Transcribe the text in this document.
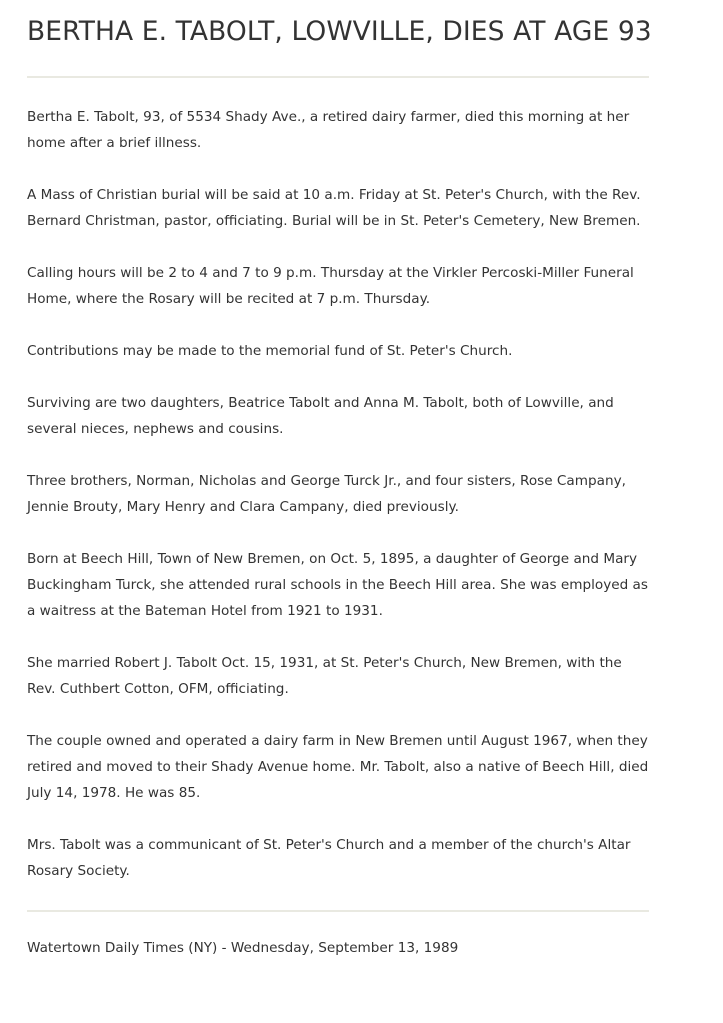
BERTHA E. TABOLT, LOWVILLE, DIES AT AGE 93

Bertha E. Tabolt, 93, of 5534 Shady Ave., a retired dairy farmer, died this morning at her home after a brief illness.

A Mass of Christian burial will be said at 10 a.m. Friday at St. Peter's Church, with the Rev. Bernard Christman, pastor, officiating. Burial will be in St. Peter's Cemetery, New Bremen.

Calling hours will be 2 to 4 and 7 to 9 p.m. Thursday at the Virkler Percoski-Miller Funeral Home, where the Rosary will be recited at 7 p.m. Thursday.

Contributions may be made to the memorial fund of St. Peter's Church.

Surviving are two daughters, Beatrice Tabolt and Anna M. Tabolt, both of Lowville, and several nieces, nephews and cousins.

Three brothers, Norman, Nicholas and George Turck Jr., and four sisters, Rose Campany, Jennie Brouty, Mary Henry and Clara Campany, died previously.

Born at Beech Hill, Town of New Bremen, on Oct. 5, 1895, a daughter of George and Mary Buckingham Turck, she attended rural schools in the Beech Hill area. She was employed as a waitress at the Bateman Hotel from 1921 to 1931.

She married Robert J. Tabolt Oct. 15, 1931, at St. Peter's Church, New Bremen, with the Rev. Cuthbert Cotton, OFM, officiating.

The couple owned and operated a dairy farm in New Bremen until August 1967, when they retired and moved to their Shady Avenue home. Mr. Tabolt, also a native of Beech Hill, died July 14, 1978. He was 85.

Mrs. Tabolt was a communicant of St. Peter's Church and a member of the church's Altar Rosary Society.

Watertown Daily Times (NY) - Wednesday, September 13, 1989
